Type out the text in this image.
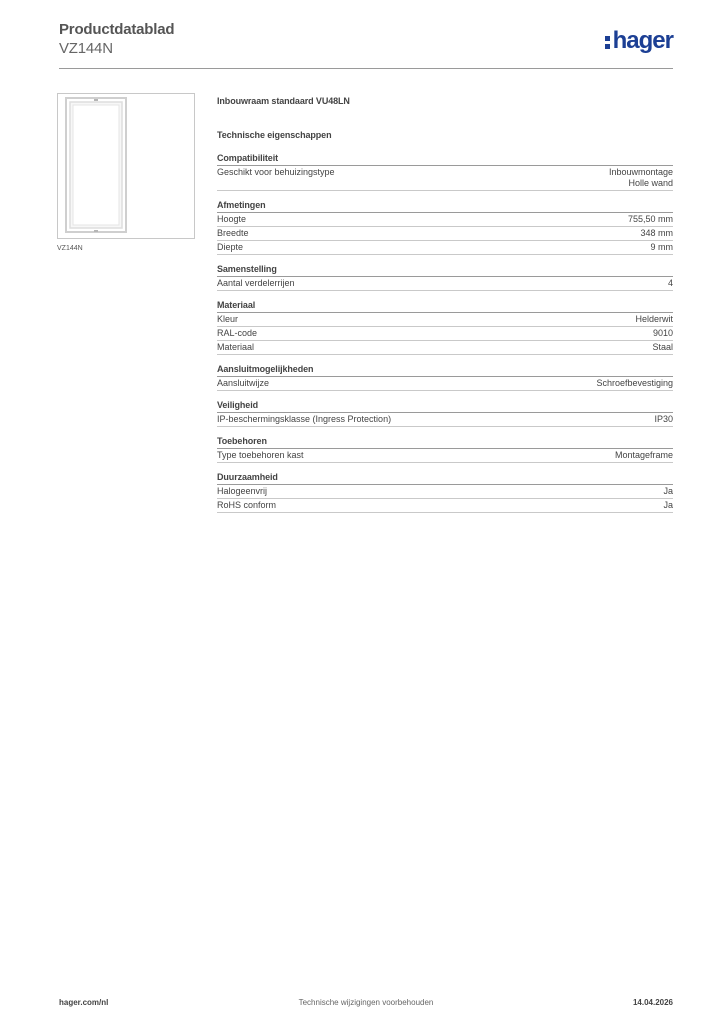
Productdatablad
VZ144N	hager
VZ144N
Inbouwraam standaard VU48LN
Technische eigenschappen
Compatibiliteit
Geschikt voor behuizingstype	Inbouwmontage
Holle wand
Afmetingen
Hoogte	755,50 mm
Breedte	348 mm
Diepte	9 mm
Samenstelling
Aantal verdelerrijen	4
Materiaal
Kleur	Helderwit
RAL-code	9010
Materiaal	Staal
Aansluitmogelijkheden
Aansluitwijze	Schroefbevestiging
Veiligheid
IP-beschermingsklasse (Ingress Protection)	IP30
Toebehoren
Type toebehoren kast	Montageframe
Duurzaamheid
Halogeenvrij	Ja
RoHS conform	Ja
hager.com/nl	Technische wijzigingen voorbehouden	14.04.2026
